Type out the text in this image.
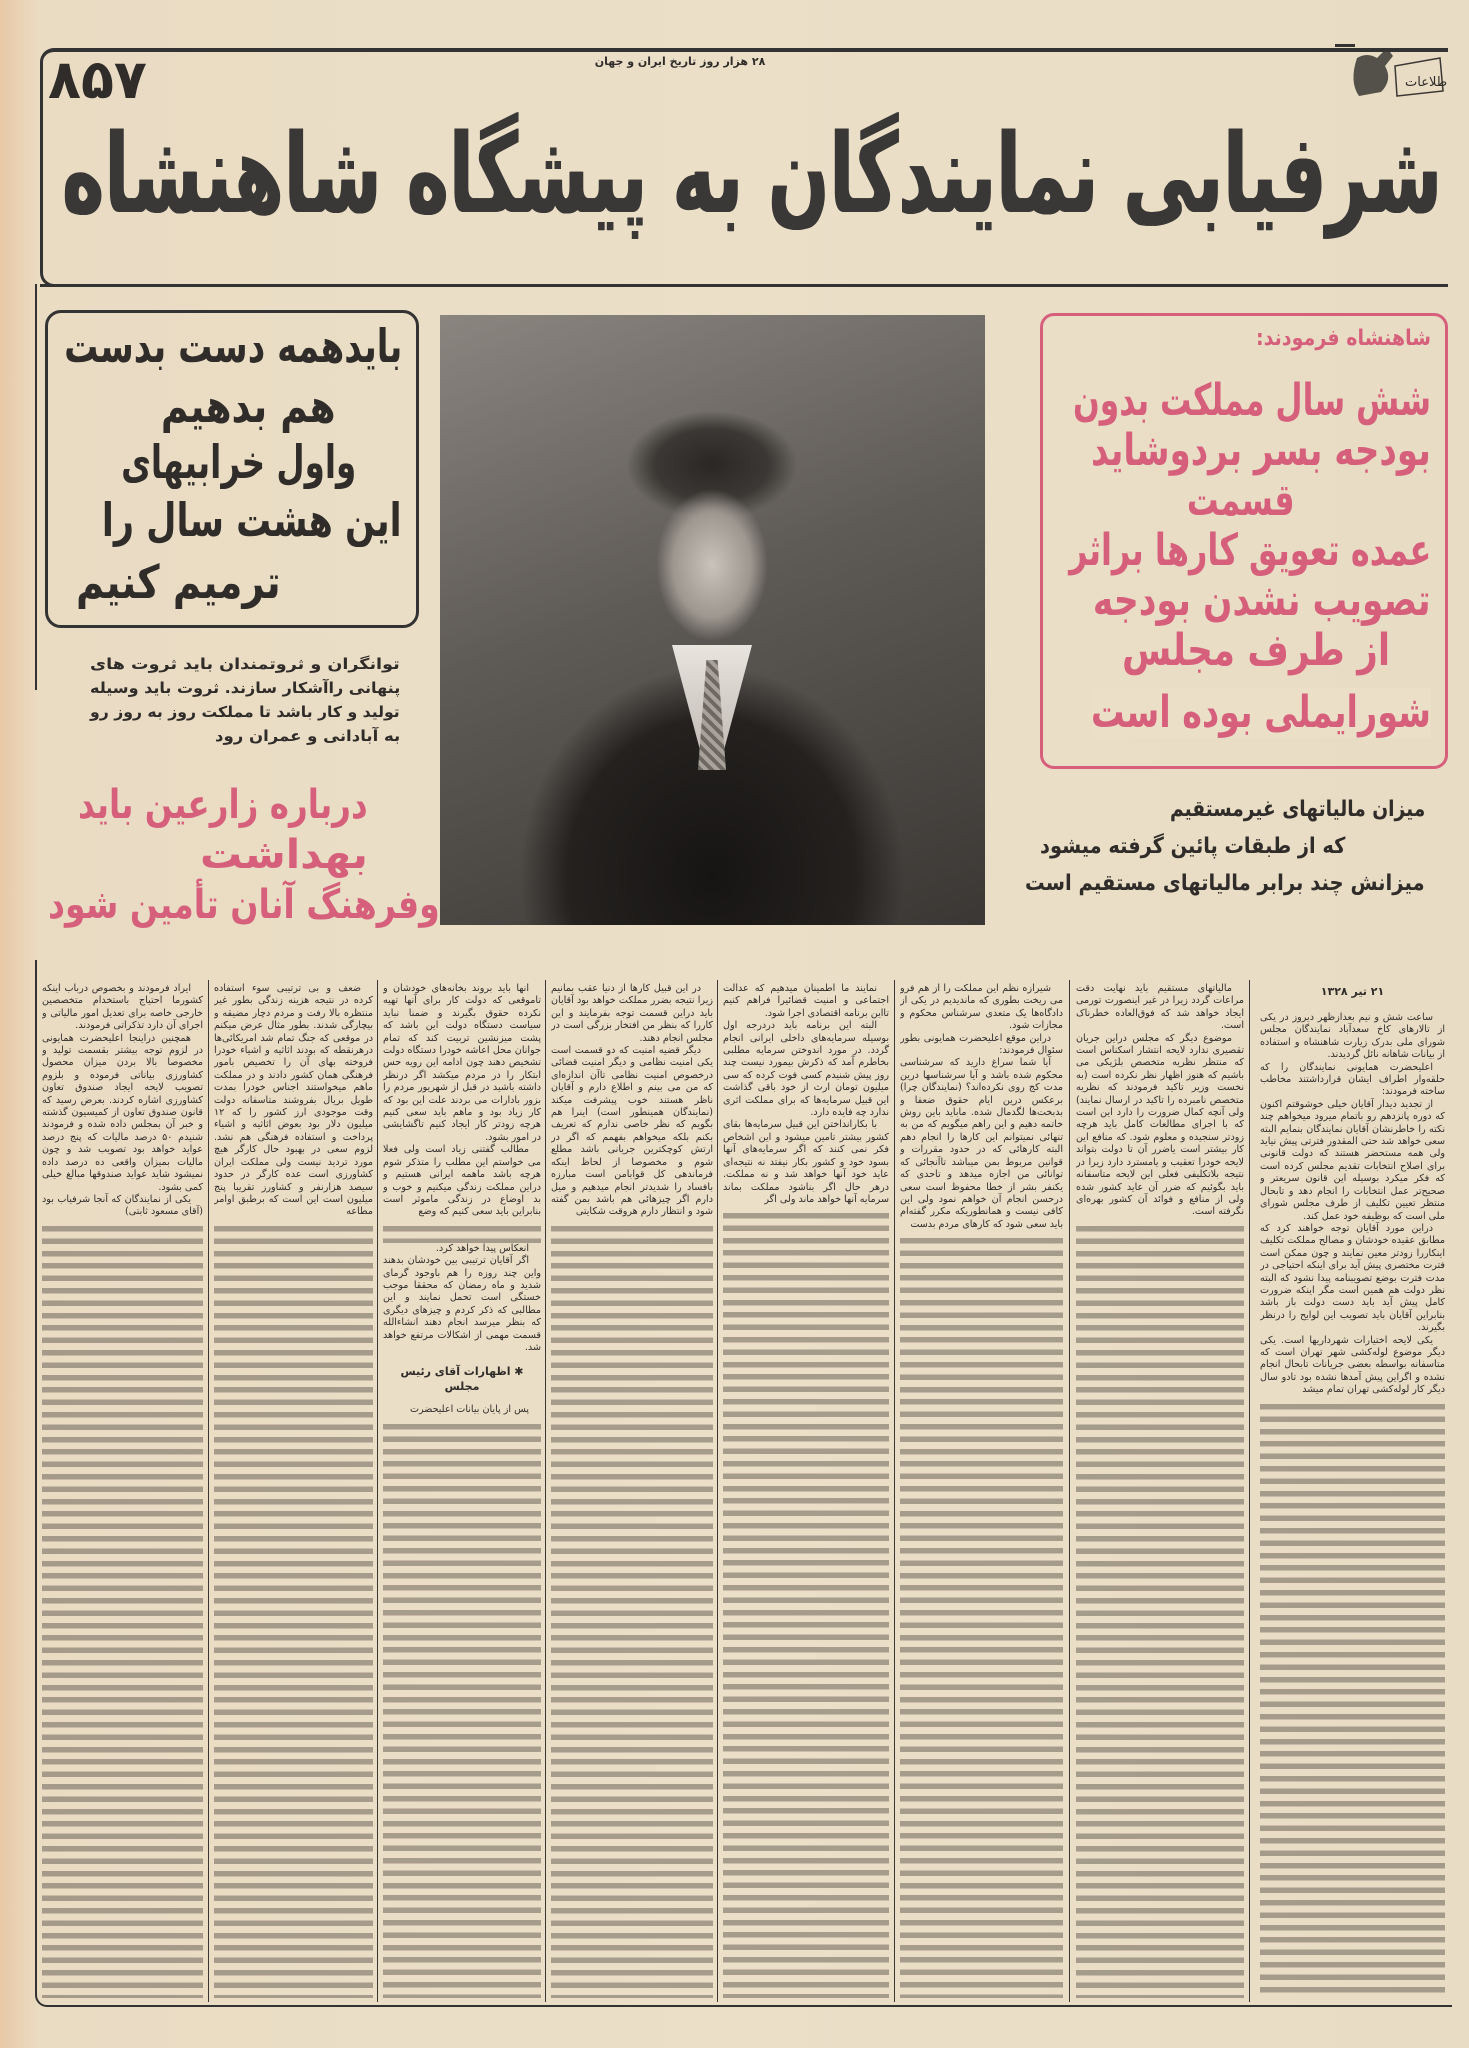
اطلاعات
۸۵۷	۲۸ هزار روز تاریخ ایران و جهان
شرفیابی نمایندگان به پیشگاه شاهنشاه
بایدهمه دست بدست
هم بدهیم
واول خرابیهای
این هشت سال را
ترمیم کنیم
توانگران و ثروتمندان باید ثروت های
پنهانی راآشکار سازند. ثروت باید وسیله
تولید و کار باشد تا مملکت روز به روز رو
به آبادانی و عمران رود
درباره زارعین باید
بهداشت
وفرهنگ آنان تأمین شود
شاهنشاه فرمودند:
شش سال مملکت بدون
بودجه بسر بردوشاید
قسمت
عمده تعویق کارها براثر
تصویب نشدن بودجه
از طرف مجلس
شورایملی بوده است
میزان مالیاتهای غیرمستقیم
که از طبقات پائین گرفته میشود
میزانش چند برابر مالیاتهای مستقیم است
۲۱ تیر ۱۳۲۸

ساعت شش و نیم بعدازظهر دیروز در یکی از تالارهای کاخ سعدآباد نمایندگان مجلس شورای ملی بدرک زیارت شاهنشاه و استفاده از بیانات شاهانه نائل گردیدند.

اعلیحضرت همایونی نمایندگان را که حلقه‌وار اطراف ایشان قرارداشتند مخاطب ساخته فرمودند:

از تجدید دیدار آقایان خیلی خوشوقتم اکنون که دوره پانزدهم رو باتمام میرود میخواهم چند نکته را خاطرنشان آقایان نمایندگان بنمایم البته سعی خواهد شد حتی المقدور فترتی پیش نیاید ولی همه مستحضر هستند که دولت قانونی برای اصلاح انتخابات تقدیم مجلس کرده است که فکر میکرد بوسیله این قانون سریعتر و صحیح‌تر عمل انتخابات را انجام دهد و تابحال منتظر تعیین تکلیف از طرف مجلس شورای ملی است که بوظیفه خود عمل کند.

دراین مورد آقایان توجه خواهند کرد که مطابق عقیده خودشان و مصالح مملکت تکلیف اینکاررا زودتر معین نمایند و چون ممکن است فترت مختصری پیش آید برای اینکه احتیاجی در مدت فترت بوضع تصویبنامه پیدا نشود که البته نظر دولت هم همین است مگر اینکه ضرورت کامل پیش آید باید دست دولت باز باشد بنابراین آقایان باید تصویب این لوایح را درنظر بگیرند.

یکی لایحه اختیارات شهرداریها است. یکی دیگر موضوع لوله‌کشی شهر تهران است که متاسفانه بواسطه بعضی جریانات تابحال انجام نشده و اگراین پیش آمدها نشده بود تادو سال دیگر کار لوله‌کشی تهران تمام میشد

مالیاتهای مستقیم باید نهایت دقت مراعات گردد زیرا در غیر اینصورت تورمی ایجاد خواهد شد که فوق‌العاده خطرناک است.

موضوع دیگر که مجلس دراین جریان تقصیری ندارد لایحه انتشار اسکناس است که منتظر نظریه متخصص بلژیکی می باشیم که هنوز اظهار نظر نکرده است (به نخست وزیر تاکید فرمودند که نظریه متخصص نامبرده را تاکید در ارسال نمایند) ولی آنچه کمال ضرورت را دارد این است که با اجرای مطالعات کامل باید هرچه زودتر سنجیده و معلوم شود. که منافع این کار بیشتر است یاضرر آن تا دولت بتواند لایحه خودرا تعقیب و یامسترد دارد زیرا در نتیجه بلاتکلیفی فعلی این لایحه متاسفانه باید بگوئیم که ضرر آن عاید کشور شده ولی از منافع و فوائد آن کشور بهره‌ای نگرفته است.

شیرازه نظم این مملکت را از هم فرو می ریخت بطوری که ماندیدیم در یکی از دادگاه‌ها یک متعدی سرشناس محکوم و مجازات شود.

دراین موقع اعلیحضرت همایونی بطور سئوال فرمودند:

آیا شما سراغ دارید که سرشناسی محکوم شده باشد و آیا سرشناسها درین مدت کج روی نکرده‌اند؟ (نمایندگان چرا) برعکس درین ایام حقوق ضعفا و بدبخت‌ها لگدمال شده. ماباید باین روش خاتمه دهیم و این راهم میگویم که من به تنهائی نمیتوانم این کارها را انجام دهم البته کارهائی که در حدود مقررات و قوانین مربوط بمن میباشد تاآنجائی که توانائی من اجازه میدهد و تاحدی که یکنفر بشر از خطا محفوظ است سعی درحسن انجام آن خواهم نمود ولی این کافی نیست و همانطوریکه مکرر گفته‌ام باید سعی شود که کارهای مردم بدست

نمایند ما اطمینان میدهیم که عدالت اجتماعی و امنیت قضائیرا فراهم کنیم تااین برنامه اقتصادی اجرا شود.

البته این برنامه باید دردرجه اول بوسیله سرمایه‌های داخلی ایرانی انجام گردد. در مورد اندوختن سرمایه مطلبی بخاطرم آمد که ذکرش بیمورد نیست چند روز پیش شنیدم کسی فوت کرده که سی میلیون تومان ارث از خود باقی گذاشت این قبیل سرمایه‌ها که برای مملکت اثری ندارد چه فایده دارد.

با بکارانداختن این قبیل سرمایه‌ها بقای کشور بیشتر تامین میشود و این اشخاص فکر نمی کنند که اگر سرمایه‌های آنها بسود خود و کشور بکار نیفتد نه نتیجه‌ای عاید خود آنها خواهد شد و نه مملکت. درهر حال اگر بناشود مملکت بماند سرمایه آنها خواهد ماند ولی اگر

در این قبیل کارها از دنیا عقب بمانیم زیرا نتیجه بضرر مملکت خواهد بود آقایان باید دراین قسمت توجه بفرمایند و این کاررا که بنظر من افتخار بزرگی است در مجلس انجام دهند.

دیگر قضیه امنیت که دو قسمت است یکی امنیت نظامی و دیگر امنیت قضائی درخصوص امنیت نظامی تاآن اندازه‌ای که من می بینم و اطلاع دارم و آقایان ناظر هستند خوب پیشرفت میکند (نمایندگان همینطور است) اینرا هم بگویم که نظر خاصی ندارم که تعریف بکنم بلکه میخواهم بفهمم که اگر در ارتش کوچکترین جریانی باشد مطلع شوم و مخصوصا از لحاظ اینکه فرماندهی کل قوابامن است مبارزه بافساد را شدیدتر انجام میدهیم و میل دارم اگر چیزهائی هم باشد بمن گفته شود و انتظار دارم هروقت شکایتی

آنها باید بروند بخانه‌های خودشان و تاموقعی که دولت کار برای آنها تهیه نکرده حقوق بگیرند و ضمنا نباید سیاست دستگاه دولت این باشد که پشت میزنشین تربیت کند که تمام جوانان محل اعاشه خودرا دستگاه دولت تشخیص دهند چون ادامه این رویه حس ابتکار را در مردم میکشد اگر درنظر داشته باشید در قبل از شهریور مردم را بزور بادارات می بردند علت این بود که کار زیاد بود و ماهم باید سعی کنیم هرچه زودتر کار ایجاد کنیم تاگشایشی در امور بشود.

مطالب گفتنی زیاد است ولی فعلا می خواستم این مطلب را متذکر شوم هرچه باشد ماهمه ایرانی هستیم و دراین مملکت زندگی میکنیم و خوب و بد اوضاع در زندگی ماموثر است بنابراین باید سعی کنیم که وضع

انعکاس پیدا خواهد کرد.

اگر آقایان ترتیبی بین خودشان بدهند واین چند روزه را هم باوجود گرمای شدید و ماه رمضان که محققا موجب خستگی است تحمل نمایند و این مطالبی که ذکر کردم و چیزهای دیگری که بنظر میرسد انجام دهند انشاءالله قسمت مهمی از اشکالات مرتفع خواهد شد.

✱ اظهارات آقای رئیس مجلس

پس از پایان بیانات اعلیحضرت

ضعف و بی ترتیبی سوء استفاده کرده در نتیجه هزینه زندگی بطور غیر منتظره بالا رفت و مردم دچار مضیقه و بیچارگی شدند. بطور مثال عرض میکنم در موقعی که جنگ تمام شد امریکائی‌ها درهرنقطه که بودند اثاثیه و اشیاء خودرا فروخته بهای آن را تخصیص بامور فرهنگی همان کشور دادند و در مملکت ماهم میخواستند اجناس خودرا بمدت طویل بریال بفروشند متاسفانه دولت وقت موجودی ارز کشور را که ۱۲ میلیون دلار بود بعوض اثاثیه و اشیاء پرداخت و استفاده فرهنگی هم نشد. لزوم سعی در بهبود حال کارگر هیچ مورد تردید نیست ولی مملکت ایران کشاورزی است عده کارگر در حدود سیصد هزارنفر و کشاورز تقریبا پنج میلیون است این است که برطبق اوامر مطاعه

ایراد فرمودند و بخصوص درباب اینکه کشورما احتیاج باستخدام متخصصین خارجی خاصه برای تعدیل امور مالیاتی و اجرای آن دارد تذکراتی فرمودند.

همچنین دراینجا اعلیحضرت همایونی در لزوم توجه بیشتر بقسمت تولید و مخصوصا بالا بردن میزان محصول کشاورزی بیاناتی فرموده و بلزوم تصویب لایحه ایجاد صندوق تعاون کشاورزی اشاره کردند. بعرض رسید که قانون صندوق تعاون از کمیسیون گذشته و خبر آن بمجلس داده شده و فرمودند شنیدم ۵۰ درصد مالیات که پنج درصد عواید خواهد بود تصویب شد و چون مالیات بمیزان واقعی ده درصد داده نمیشود شاید عواید صندوقها مبالغ خیلی کمی بشود.

یکی از نمایندگان که آنجا شرفیاب بود (آقای مسعود ثابتی)
